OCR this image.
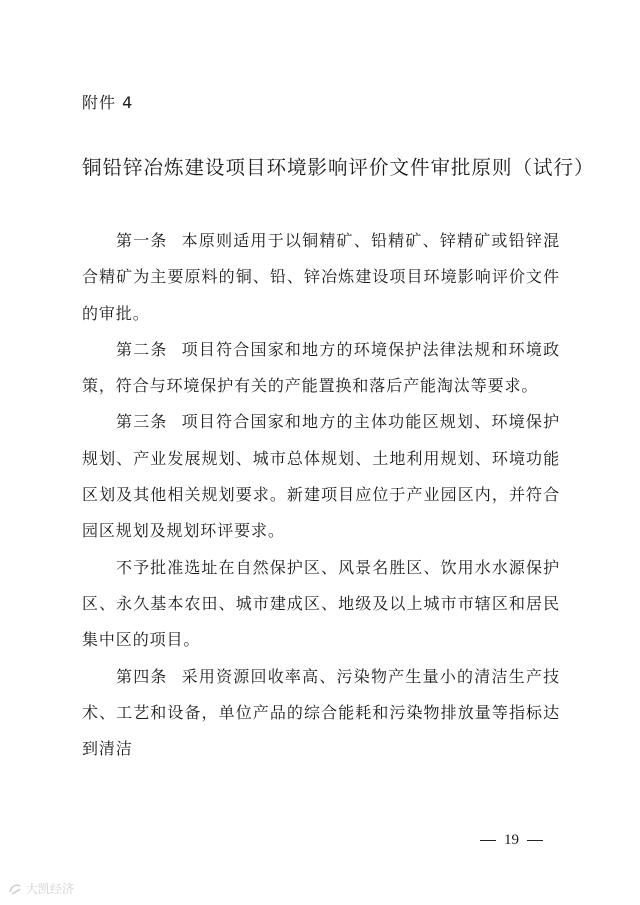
附件 4
铜铅锌冶炼建设项目环境影响评价文件审批原则（试行）

第一条 本原则适用于以铜精矿、铅精矿、锌精矿或铅锌混合精矿为主要原料的铜、铅、锌冶炼建设项目环境影响评价文件的审批。

第二条 项目符合国家和地方的环境保护法律法规和环境政策，符合与环境保护有关的产能置换和落后产能淘汰等要求。

第三条 项目符合国家和地方的主体功能区规划、环境保护规划、产业发展规划、城市总体规划、土地利用规划、环境功能区划及其他相关规划要求。新建项目应位于产业园区内，并符合园区规划及规划环评要求。

不予批准选址在自然保护区、风景名胜区、饮用水水源保护区、永久基本农田、城市建成区、地级及以上城市市辖区和居民集中区的项目。

第四条 采用资源回收率高、污染物产生量小的清洁生产技术、工艺和设备，单位产品的综合能耗和污染物排放量等指标达到清洁

19
大凯经济
